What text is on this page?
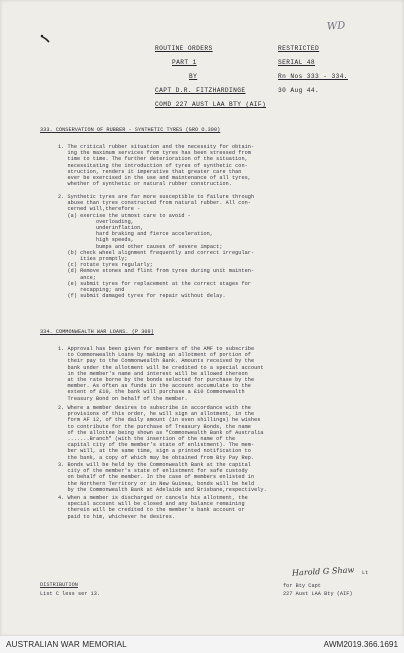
WD
ROUTINE ORDERS	RESTRICTED
PART 1	SERIAL 48
BY	Rn Nos 333 - 334.
CAPT D.R. FITZHARDINGE	30 Aug 44.
COMD 227 AUST LAA BTY (AIF)
333. CONSERVATION OF RUBBER - SYNTHETIC TYRES (GRO O.300)
1. The critical rubber situation and the necessity for obtain-
ing the maximum services from tyres has been stressed from
time to time. The further deterioration of the situation,
necessitating the introduction of tyres of synthetic con-
struction, renders it imperative that greater care than
ever be exercised in the use and maintenance of all tyres,
whether of synthetic or natural rubber construction.
2. Synthetic tyres are far more susceptible to failure through
abuse than tyres constructed from natural rubber. All con-
cerned will,therefore -
(a) exercise the utmost care to avoid -
overloading,
underinflation,
hard braking and fierce acceleration,
high speeds,
bumps and other causes of severe impact;
(b) check wheel alignment frequently and correct irregular-
ities promptly;
(c) rotate tyres regularly;
(d) Remove stones and flint from tyres during unit mainten-
ance;
(e) submit tyres for replacement at the correct stages for
recapping; and
(f) submit damaged tyres for repair without delay.
334. COMMONWEALTH WAR LOANS. (P 309)
1. Approval has been given for members of the AMF to subscribe
to Commonwealth Loans by making an allotment of portion of
their pay to the Commonwealth Bank. Amounts received by the
bank under the allotment will be credited to a special account
in the member's name and interest will be allowed thereon
at the rate borne by the bonds selected for purchase by the
member. As often as funds in the account accumulate to the
extent of £10, the bank will purchase a £10 Commonwealth
Treasury Bond on behalf of the member.
2. Where a member desires to subscribe in accordance with the
provisions of this order, he will sign an allotment, in the
form AF 12, of the daily amount (in even shillings) he wishes
to contribute for the purchase of Treasury Bonds, the name
of the allottee being shown as "Commonwealth Bank of Australia
.......Branch" (with the insertion of the name of the
capital city of the member's state of enlistment). The mem-
ber will, at the same time, sign a printed notification to
the bank, a copy of which may be obtained from Bty Pay Rep.
3. Bonds will be held by the Commonwealth Bank at the capital
city of the member's state of enlistment for safe custody
on behalf of the member. In the case of members enlisted in
the Northern Territory or in New Guinea, bonds will be held
by the Commonwealth Bank at Adelaide and Brisbane,respectively.
4. When a member is discharged or cancels his allotment, the
special account will be closed and any balance remaining
therein will be credited to the member's bank account or
paid to him, whichever he desires.
Harold G Shaw Lt
for Bty Capt
227 Aust LAA Bty (AIF)
DISTRIBUTION
List C less ser 13.
AUSTRALIAN WAR MEMORIAL	AWM2019.366.1691
